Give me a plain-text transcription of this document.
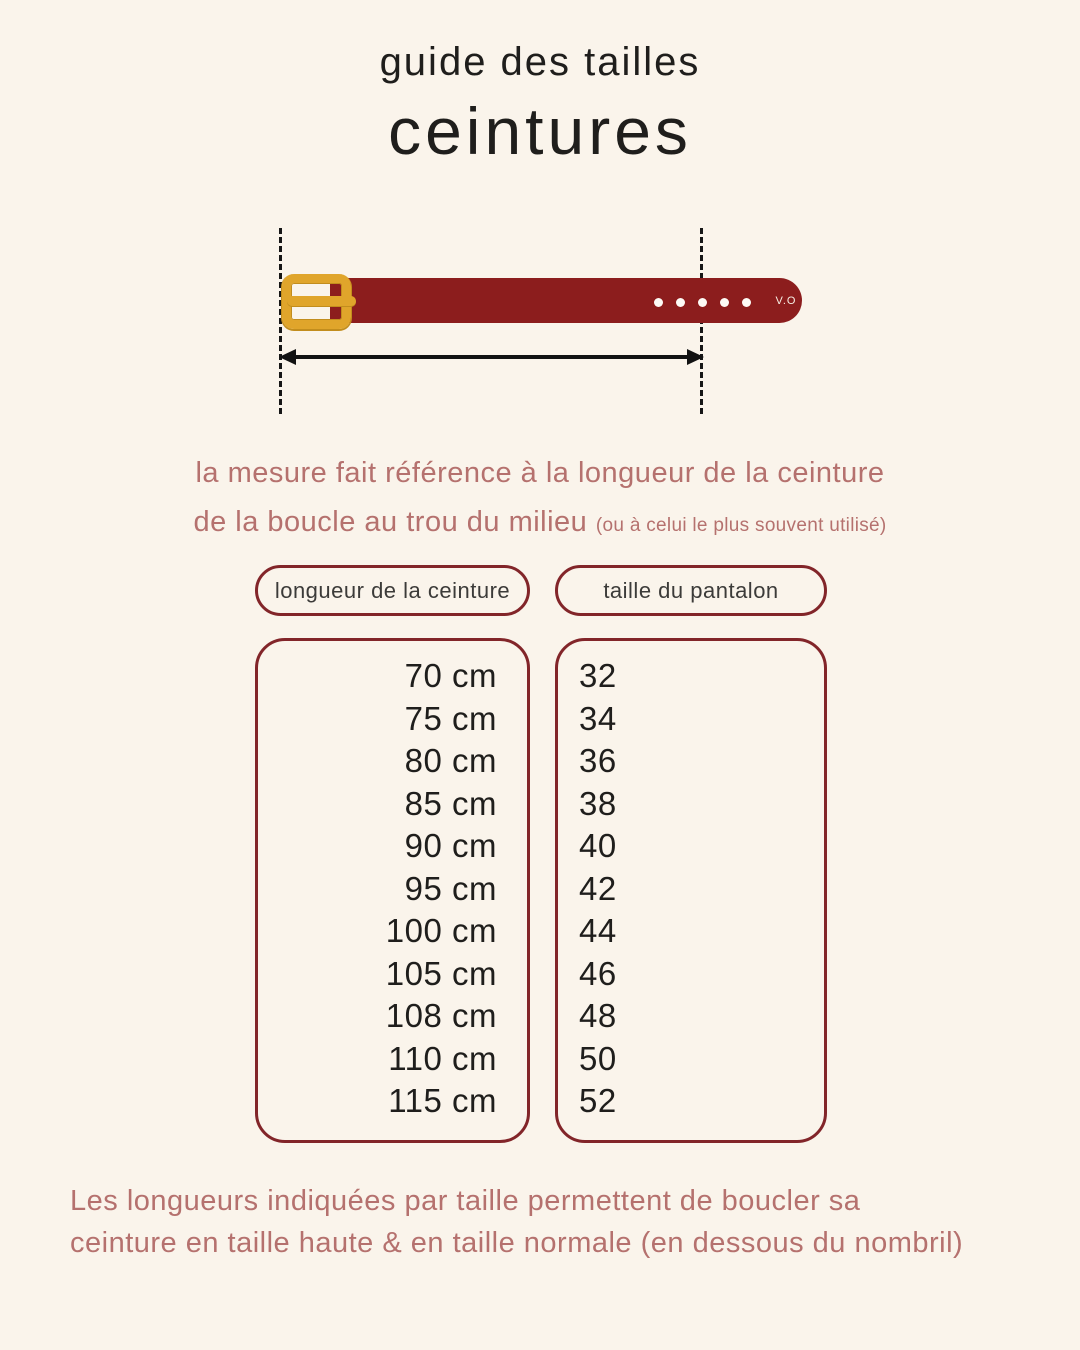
guide des tailles
ceintures
V.O
la mesure fait référence à la longueur de la ceinture
de la boucle au trou du milieu (ou à celui le plus souvent utilisé)
longueur de la ceinture	taille du pantalon
70 cm
75 cm
80 cm
85 cm
90 cm
95 cm
100 cm
105 cm
108 cm
110 cm
115 cm
32
34
36
38
40
42
44
46
48
50
52
Les longueurs indiquées par taille permettent de boucler sa
ceinture en taille haute & en taille normale (en dessous du nombril)
